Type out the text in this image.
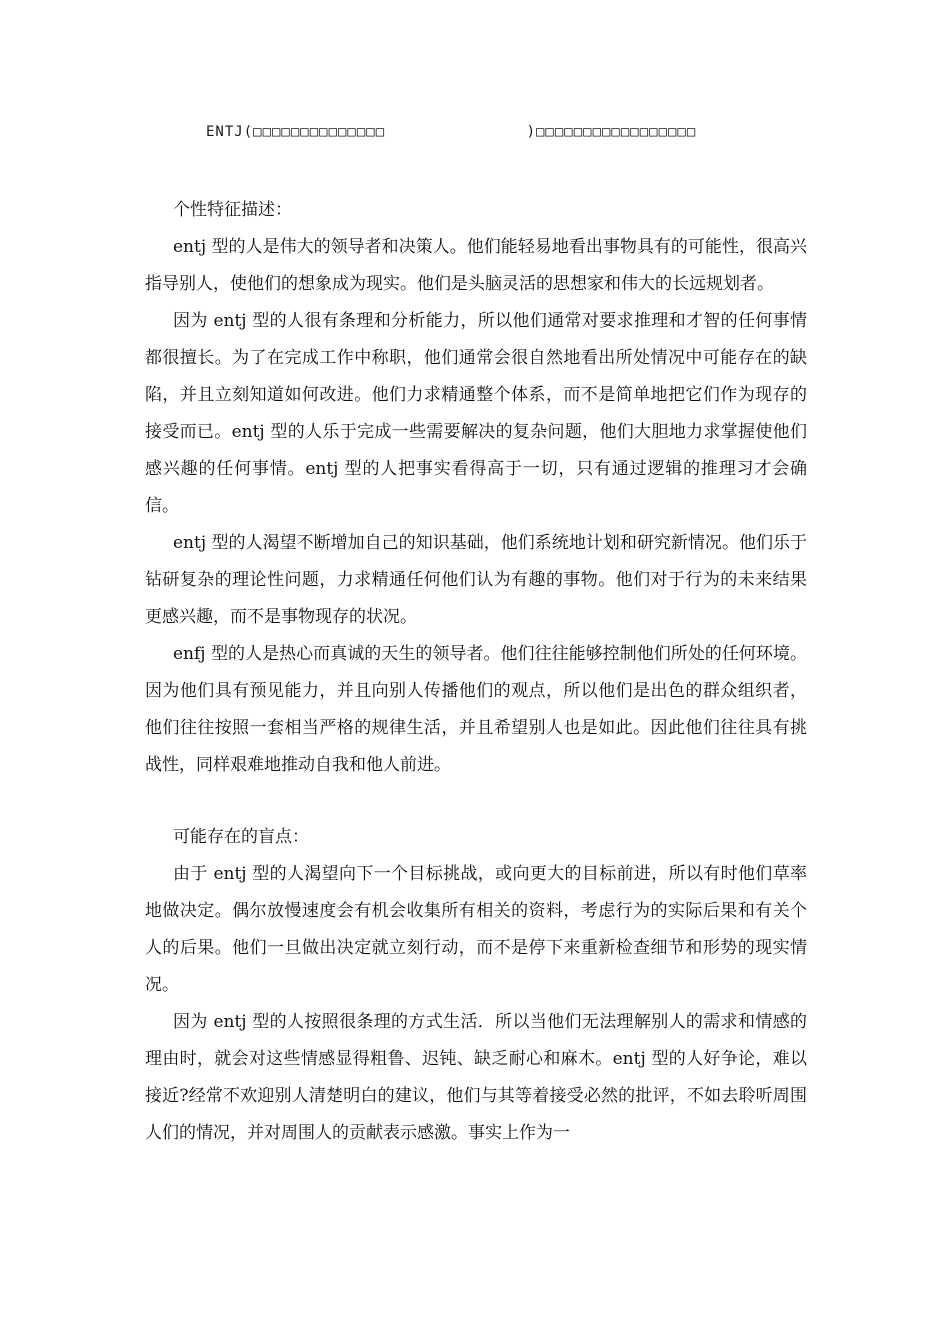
ENTJ(□□□□□□□□□□□□□□               )□□□□□□□□□□□□□□□□□

个性特征描述：

entj 型的人是伟大的领导者和决策人。他们能轻易地看出事物具有的可能性，很高兴指导别人，使他们的想象成为现实。他们是头脑灵活的思想家和伟大的长远规划者。

因为 entj 型的人很有条理和分析能力，所以他们通常对要求推理和才智的任何事情都很擅长。为了在完成工作中称职，他们通常会很自然地看出所处情况中可能存在的缺陷，并且立刻知道如何改进。他们力求精通整个体系，而不是简单地把它们作为现存的接受而已。entj 型的人乐于完成一些需要解决的复杂问题，他们大胆地力求掌握使他们感兴趣的任何事情。entj 型的人把事实看得高于一切，只有通过逻辑的推理习才会确信。

entj 型的人渴望不断增加自己的知识基础，他们系统地计划和研究新情况。他们乐于钻研复杂的理论性问题，力求精通任何他们认为有趣的事物。他们对于行为的未来结果更感兴趣，而不是事物现存的状况。

enfj 型的人是热心而真诚的天生的领导者。他们往往能够控制他们所处的任何环境。因为他们具有预见能力，并且向别人传播他们的观点，所以他们是出色的群众组织者，他们往往按照一套相当严格的规律生活，并且希望别人也是如此。因此他们往往具有挑战性，同样艰难地推动自我和他人前进。

可能存在的盲点：

由于 entj 型的人渴望向下一个目标挑战，或向更大的目标前进，所以有时他们草率地做决定。偶尔放慢速度会有机会收集所有相关的资料，考虑行为的实际后果和有关个人的后果。他们一旦做出决定就立刻行动，而不是停下来重新检查细节和形势的现实情况。

因为 entj 型的人按照很条理的方式生活．所以当他们无法理解别人的需求和情感的理由时，就会对这些情感显得粗鲁、迟钝、缺乏耐心和麻木。entj 型的人好争论，难以接近?经常不欢迎别人清楚明白的建议，他们与其等着接受必然的批评，不如去聆听周围人们的情况，并对周围人的贡献表示感激。事实上作为一
